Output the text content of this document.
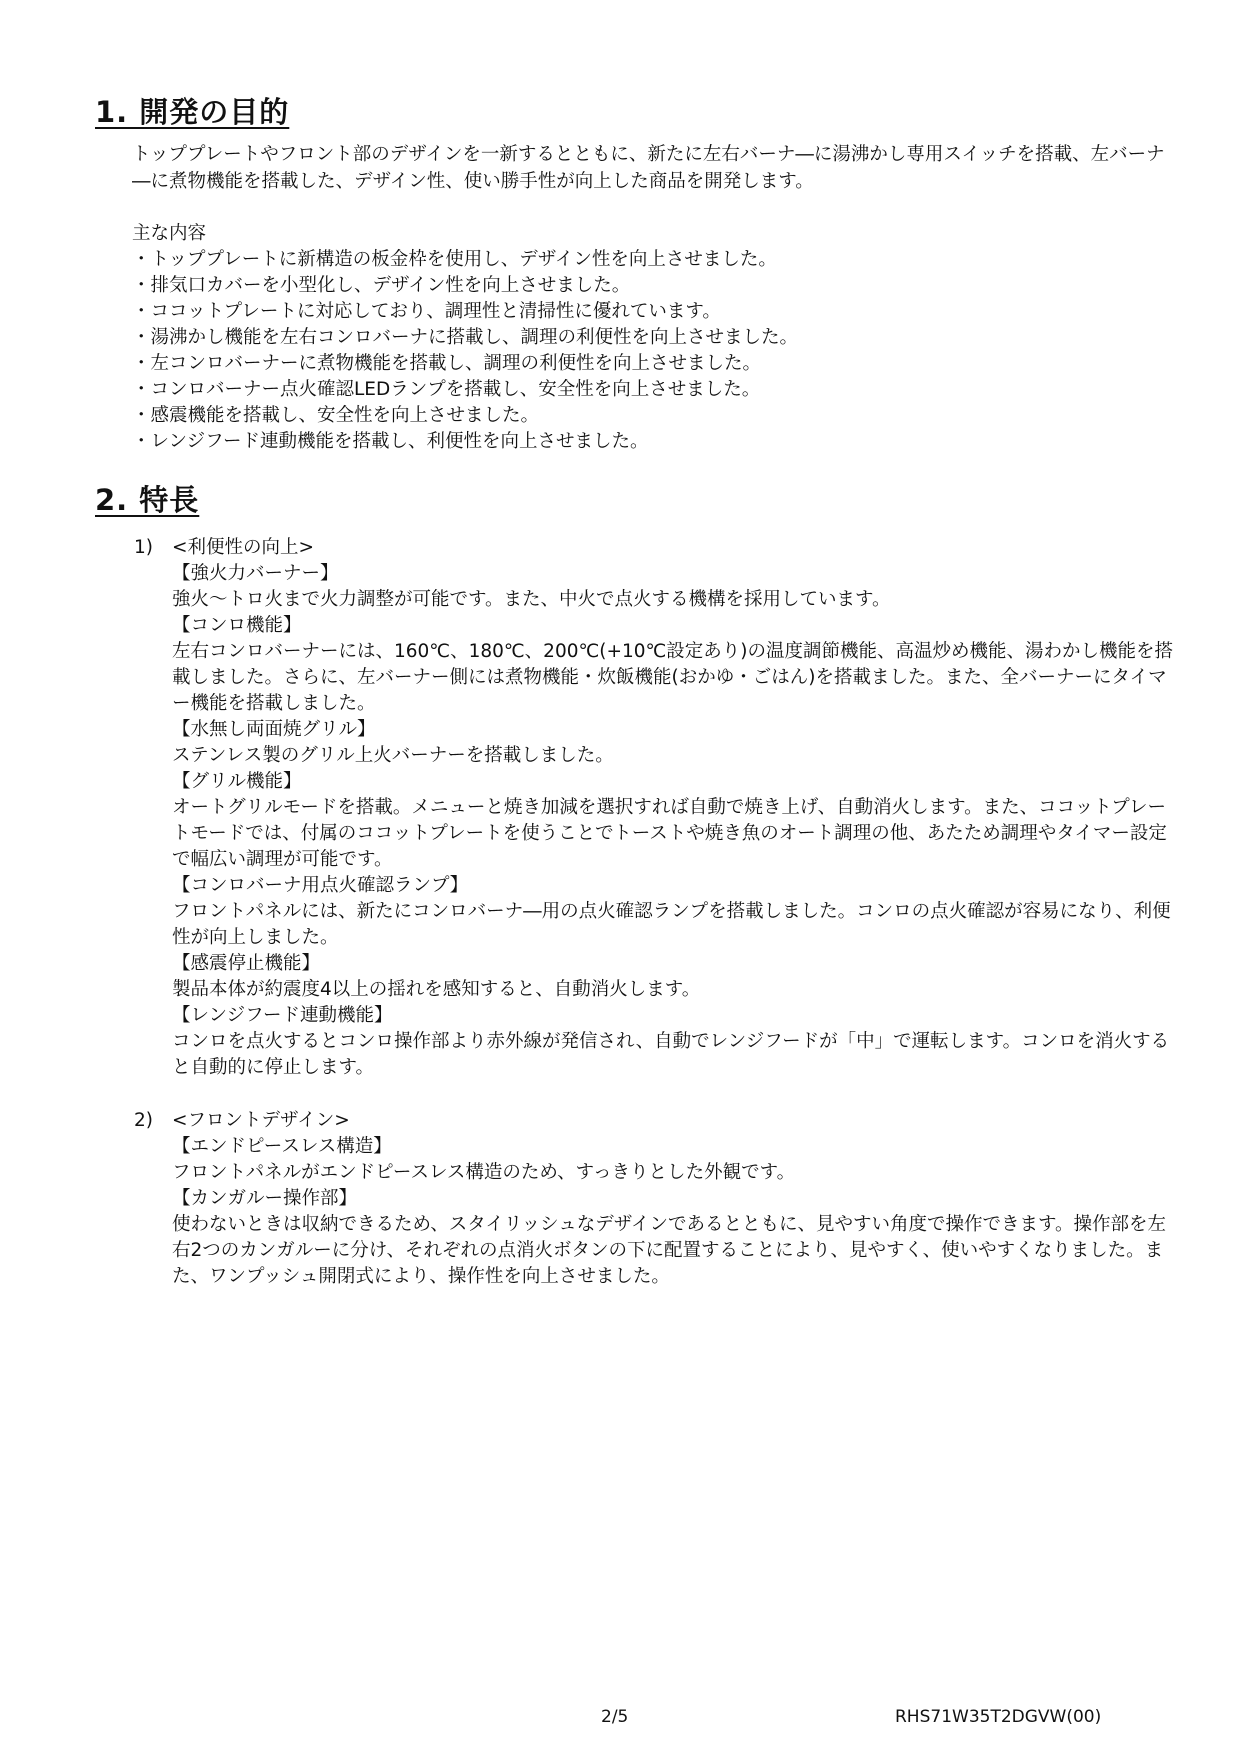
1. 開発の目的

トッププレートやフロント部のデザインを一新するとともに、新たに左右バーナ―に湯沸かし専用スイッチを搭載、左バーナ―に煮物機能を搭載した、デザイン性、使い勝手性が向上した商品を開発します。

主な内容

・トッププレートに新構造の板金枠を使用し、デザイン性を向上させました。
・排気口カバーを小型化し、デザイン性を向上させました。
・ココットプレートに対応しており、調理性と清掃性に優れています。
・湯沸かし機能を左右コンロバーナに搭載し、調理の利便性を向上させました。
・左コンロバーナーに煮物機能を搭載し、調理の利便性を向上させました。
・コンロバーナー点火確認LEDランプを搭載し、安全性を向上させました。
・感震機能を搭載し、安全性を向上させました。
・レンジフード連動機能を搭載し、利便性を向上させました。
2. 特長
1) <利便性の向上>

【強火力バーナー】

強火～トロ火まで火力調整が可能です。また、中火で点火する機構を採用しています。

【コンロ機能】

左右コンロバーナーには、160℃、180℃、200℃(+10℃設定あり)の温度調節機能、高温炒め機能、湯わかし機能を搭載しました。さらに、左バーナー側には煮物機能・炊飯機能(おかゆ・ごはん)を搭載ました。また、全バーナーにタイマー機能を搭載しました。

【水無し両面焼グリル】

ステンレス製のグリル上火バーナーを搭載しました。

【グリル機能】

オートグリルモードを搭載。メニューと焼き加減を選択すれば自動で焼き上げ、自動消火します。また、ココットプレートモードでは、付属のココットプレートを使うことでトーストや焼き魚のオート調理の他、あたため調理やタイマー設定で幅広い調理が可能です。

【コンロバーナ用点火確認ランプ】

フロントパネルには、新たにコンロバーナ―用の点火確認ランプを搭載しました。コンロの点火確認が容易になり、利便性が向上しました。

【感震停止機能】

製品本体が約震度4以上の揺れを感知すると、自動消火します。

【レンジフード連動機能】

コンロを点火するとコンロ操作部より赤外線が発信され、自動でレンジフードが「中」で運転します。コンロを消火すると自動的に停止します。

2) <フロントデザイン>

【エンドピースレス構造】

フロントパネルがエンドピースレス構造のため、すっきりとした外観です。

【カンガルー操作部】

使わないときは収納できるため、スタイリッシュなデザインであるとともに、見やすい角度で操作できます。操作部を左右2つのカンガルーに分け、それぞれの点消火ボタンの下に配置することにより、見やすく、使いやすくなりました。また、ワンプッシュ開閉式により、操作性を向上させました。

2/5	RHS71W35T2DGVW(00)
